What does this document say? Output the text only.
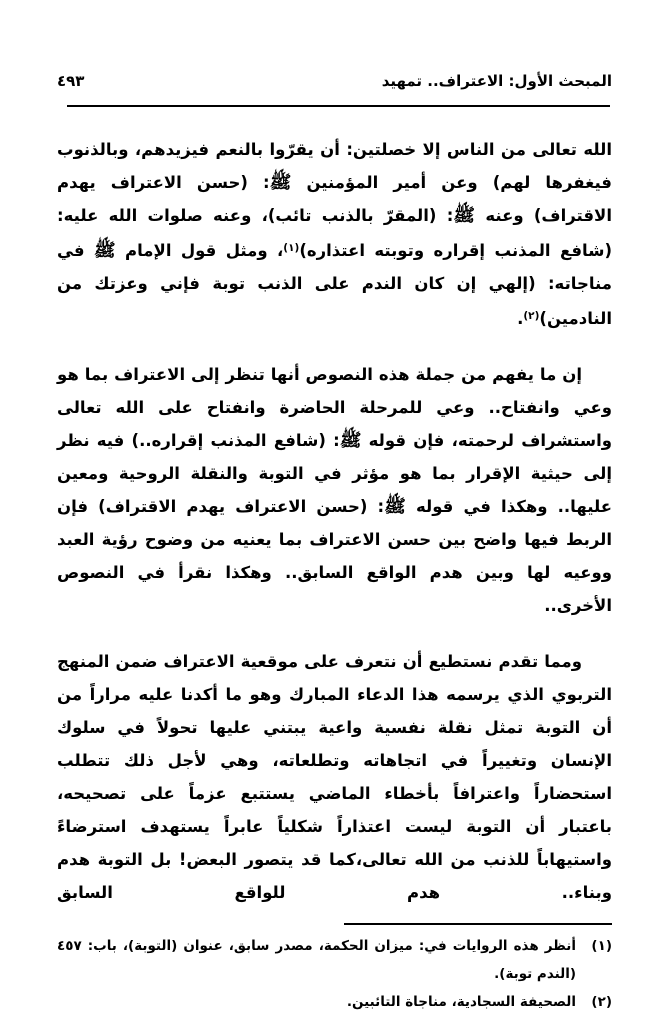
٤٩٣	المبحث الأول: الاعتراف.. تمهيد

الله تعالى من الناس إلا خصلتين: أن يقرّوا بالنعم فيزيدهم، وبالذنوب فيغفرها لهم) وعن أمير المؤمنين ﷺ: (حسن الاعتراف يهدم الاقتراف) وعنه ﷺ: (المقرّ بالذنب تائب)، وعنه صلوات الله عليه: (شافع المذنب إقراره وتوبته اعتذاره)$^{(١)}$، ومثل قول الإمام ﷺ في مناجاته: (إلهي إن كان الندم على الذنب توبة فإني وعزتك من النادمين)$^{(٢)}$.

إن ما يفهم من جملة هذه النصوص أنها تنظر إلى الاعتراف بما هو وعي وانفتاح.. وعي للمرحلة الحاضرة وانفتاح على الله تعالى واستشراف لرحمته، فإن قوله ﷺ: (شافع المذنب إقراره..) فيه نظر إلى حيثية الإقرار بما هو مؤثر في التوبة والنقلة الروحية ومعين عليها.. وهكذا في قوله ﷺ: (حسن الاعتراف يهدم الاقتراف) فإن الربط فيها واضح بين حسن الاعتراف بما يعنيه من وضوح رؤية العبد ووعيه لها وبين هدم الواقع السابق.. وهكذا نقرأ في النصوص الأخرى..

ومما تقدم نستطيع أن نتعرف على موقعية الاعتراف ضمن المنهج التربوي الذي يرسمه هذا الدعاء المبارك وهو ما أكدنا عليه مراراً من أن التوبة تمثل نقلة نفسية واعية يبتني عليها تحولاً في سلوك الإنسان وتغييراً في اتجاهاته وتطلعاته، وهي لأجل ذلك تتطلب استحضاراً واعترافاً بأخطاء الماضي يستتبع عزماً على تصحيحه، باعتبار أن التوبة ليست اعتذاراً شكلياً عابراً يستهدف استرضاءً واستيهاباً للذنب من الله تعالى،كما قد يتصور البعض! بل التوبة هدم وبناء.. هدم للواقع السابق

(١)
أنظر هذه الروايات في: ميزان الحكمة، مصدر سابق، عنوان (التوبة)، باب: ٤٥٧ (الندم توبة).
(٢)
الصحيفة السجادية، مناجاة التائبين.
